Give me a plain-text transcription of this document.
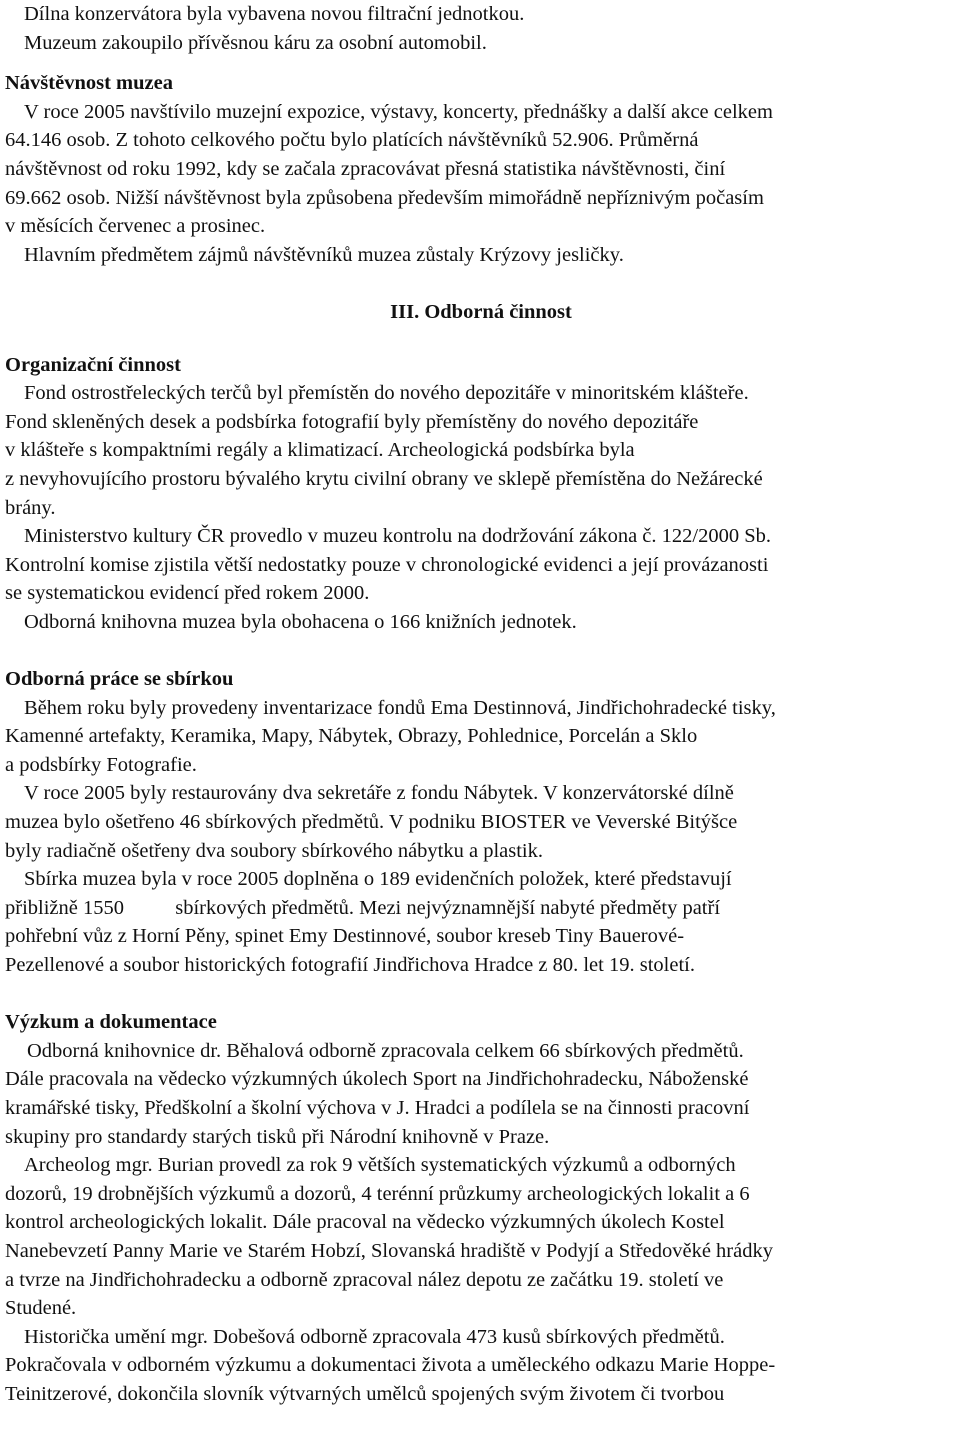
Dílna konzervátora byla vybavena novou filtrační jednotkou.
Muzeum zakoupilo přívěsnou káru za osobní automobil.
Návštěvnost muzea
V roce 2005 navštívilo muzejní expozice, výstavy, koncerty, přednášky a další akce celkem
64.146 osob. Z tohoto celkového počtu bylo platících návštěvníků 52.906. Průměrná
návštěvnost od roku 1992, kdy se začala zpracovávat přesná statistika návštěvnosti, činí
69.662 osob. Nižší návštěvnost byla způsobena především mimořádně nepříznivým počasím
v měsících červenec a prosinec.
Hlavním předmětem zájmů návštěvníků muzea zůstaly Krýzovy jesličky.
III. Odborná činnost
Organizační činnost
Fond ostrostřeleckých terčů byl přemístěn do nového depozitáře v minoritském klášteře.
Fond skleněných desek a podsbírka fotografií byly přemístěny do nového depozitáře
v klášteře s kompaktními regály a klimatizací. Archeologická podsbírka byla
z nevyhovujícího prostoru bývalého krytu civilní obrany ve sklepě přemístěna do Nežárecké
brány.
Ministerstvo kultury ČR provedlo v muzeu kontrolu na dodržování zákona č. 122/2000 Sb.
Kontrolní komise zjistila větší nedostatky pouze v chronologické evidenci a její provázanosti
se systematickou evidencí před rokem 2000.
Odborná knihovna muzea byla obohacena o 166 knižních jednotek.
Odborná práce se sbírkou
Během roku byly provedeny inventarizace fondů Ema Destinnová, Jindřichohradecké tisky,
Kamenné artefakty, Keramika, Mapy, Nábytek, Obrazy, Pohlednice, Porcelán a Sklo
a podsbírky Fotografie.
V roce 2005 byly restaurovány dva sekretáře z fondu Nábytek. V konzervátorské dílně
muzea bylo ošetřeno 46 sbírkových předmětů. V podniku BIOSTER ve Veverské Bitýšce
byly radiačně ošetřeny dva soubory sbírkového nábytku a plastik.
Sbírka muzea byla v roce 2005 doplněna o 189 evidenčních položek, které představují
přibližně 1550          sbírkových předmětů. Mezi nejvýznamnější nabyté předměty patří
pohřební vůz z Horní Pěny, spinet Emy Destinnové, soubor kreseb Tiny Bauerové-
Pezellenové a soubor historických fotografií Jindřichova Hradce z 80. let 19. století.
Výzkum a dokumentace
Odborná knihovnice dr. Běhalová odborně zpracovala celkem 66 sbírkových předmětů.
Dále pracovala na vědecko výzkumných úkolech Sport na Jindřichohradecku, Náboženské
kramářské tisky, Předškolní a školní výchova v J. Hradci a podílela se na činnosti pracovní
skupiny pro standardy starých tisků při Národní knihovně v Praze.
Archeolog mgr. Burian provedl za rok 9 větších systematických výzkumů a odborných
dozorů, 19 drobnějších výzkumů a dozorů, 4 terénní průzkumy archeologických lokalit a 6
kontrol archeologických lokalit. Dále pracoval na vědecko výzkumných úkolech Kostel
Nanebevzetí Panny Marie ve Starém Hobzí, Slovanská hradiště v Podyjí a Středověké hrádky
a tvrze na Jindřichohradecku a odborně zpracoval nález depotu ze začátku 19. století ve
Studené.
Historička umění mgr. Dobešová odborně zpracovala 473 kusů sbírkových předmětů.
Pokračovala v odborném výzkumu a dokumentaci života a uměleckého odkazu Marie Hoppe-
Teinitzerové, dokončila slovník výtvarných umělců spojených svým životem či tvorbou
